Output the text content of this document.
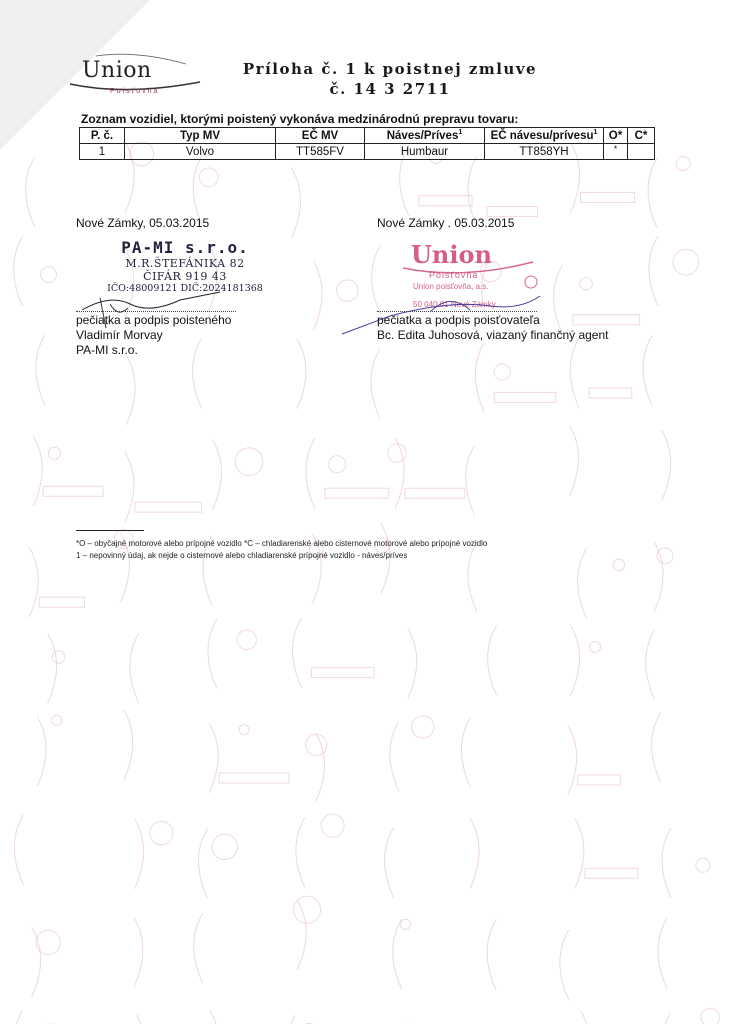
Union
Poisťovňa
Príloha č. 1 k poistnej zmluve
č. 14 3 2711
Zoznam vozidiel, ktorými poistený vykonáva medzinárodnú prepravu tovaru:
P. č.	Typ MV	EČ MV	Náves/Príves$^1$	EČ návesu/prívesu$^1$	O*	C*
1	Volvo	TT585FV	Humbaur	TT858YH	*	
Nové Zámky, 05.03.2015
PA-MI s.r.o.
M.R.ŠTEFÁNIKA 82
ČIFÁR 919 43
IČO:48009121 DIČ:2024181368
pečiatka a podpis poisteného
Vladimír Morvay
PA-MI s.r.o.
Nové Zámky . 05.03.2015
Union
Poisťovňa
Union poisťovňa, a.s.
50 040 01 Nové Zámky
pečiatka a podpis poisťovateľa
Bc. Edita Juhosová, viazaný finančný agent
*O – obyčajné motorové alebo prípojné vozidlo *C – chladiarenské alebo cisternové motorové alebo prípojné vozidlo
1 – nepovinný údaj, ak nejde o cisternové alebo chladiarenské prípojné vozidlo - náves/príves
